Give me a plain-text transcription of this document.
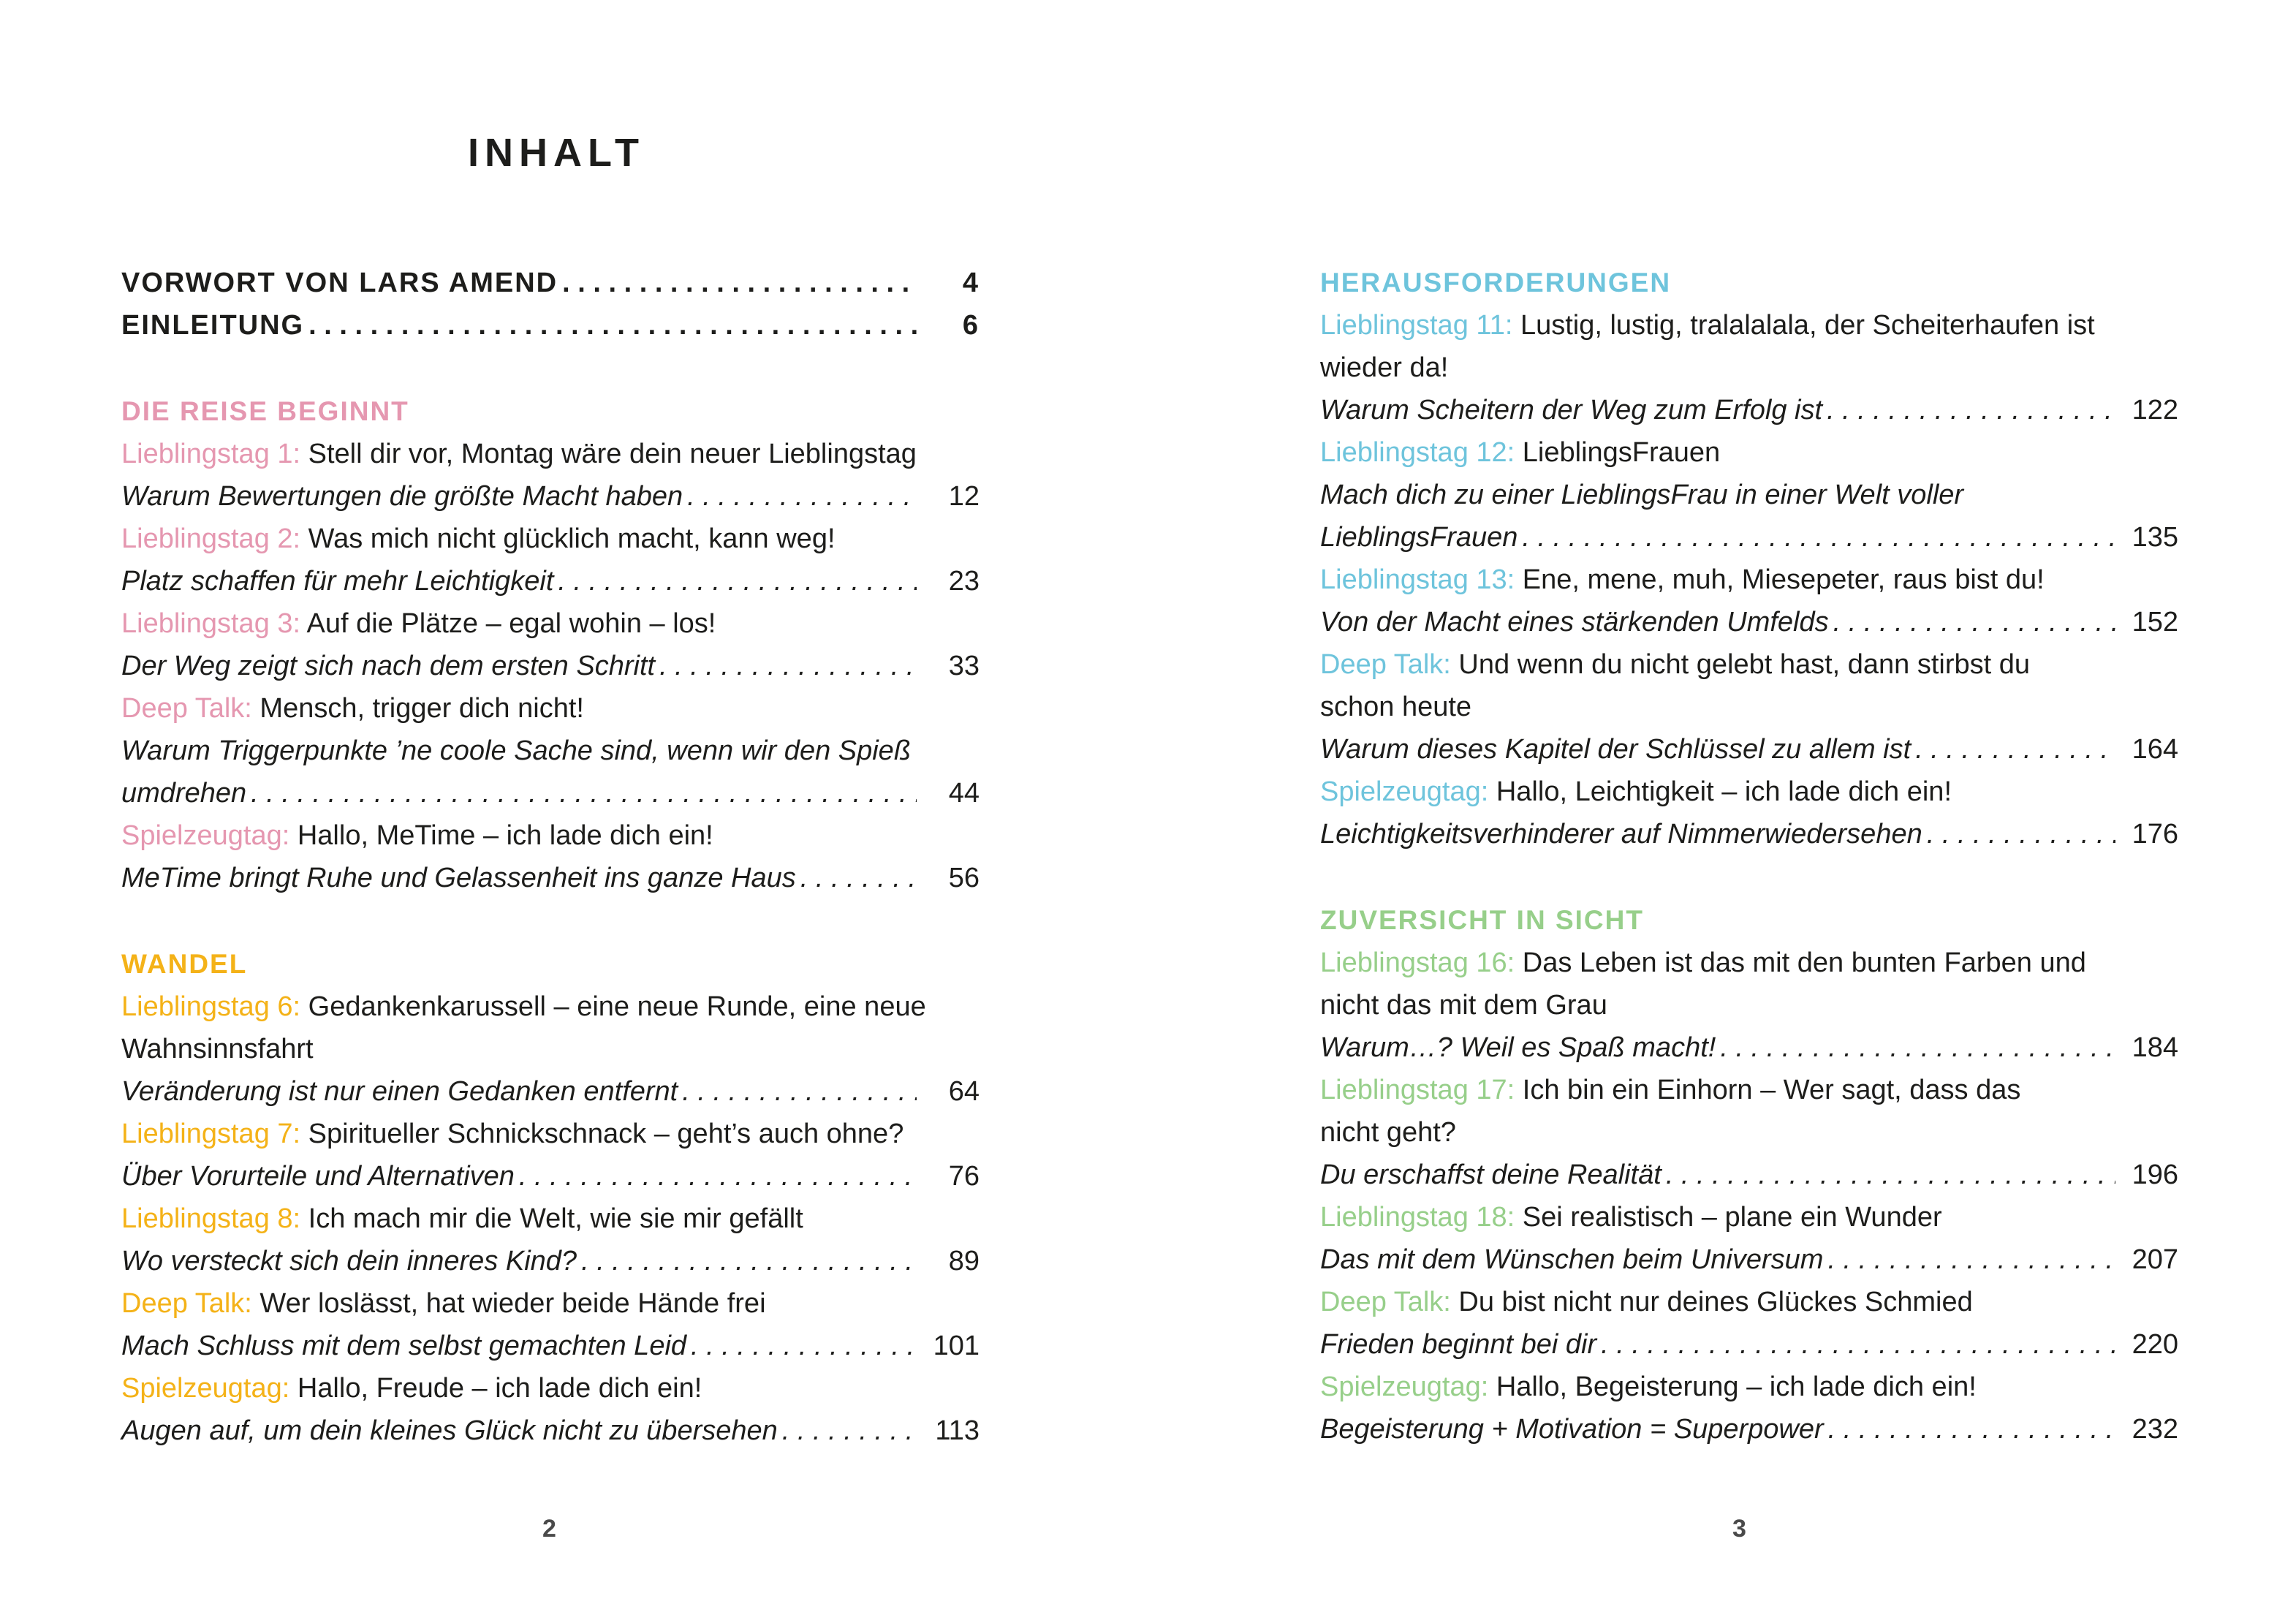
INHALT
VORWORT VON LARS AMEND . . .	4
EINLEITUNG . . .	6
DIE REISE BEGINNT
Lieblingstag 1: Stell dir vor, Montag wäre dein neuer Lieblingstag
Warum Bewertungen die größte Macht haben . . .	12
Lieblingstag 2: Was mich nicht glücklich macht, kann weg!
Platz schaffen für mehr Leichtigkeit . . .	23
Lieblingstag 3: Auf die Plätze – egal wohin – los!
Der Weg zeigt sich nach dem ersten Schritt . . .	33
Deep Talk: Mensch, trigger dich nicht!
Warum Triggerpunkte ’ne coole Sache sind, wenn wir den Spieß
umdrehen . . .	44
Spielzeugtag: Hallo, MeTime – ich lade dich ein!
MeTime bringt Ruhe und Gelassenheit ins ganze Haus . . .	56
WANDEL
Lieblingstag 6: Gedankenkarussell – eine neue Runde, eine neue
Wahnsinnsfahrt
Veränderung ist nur einen Gedanken entfernt . . .	64
Lieblingstag 7: Spiritueller Schnickschnack – geht’s auch ohne?
Über Vorurteile und Alternativen . . .	76
Lieblingstag 8: Ich mach mir die Welt, wie sie mir gefällt
Wo versteckt sich dein inneres Kind? . . .	89
Deep Talk: Wer loslässt, hat wieder beide Hände frei
Mach Schluss mit dem selbst gemachten Leid . . .	101
Spielzeugtag: Hallo, Freude – ich lade dich ein!
Augen auf, um dein kleines Glück nicht zu übersehen . . .	113
2
HERAUSFORDERUNGEN
Lieblingstag 11: Lustig, lustig, tralalalala, der Scheiterhaufen ist
wieder da!
Warum Scheitern der Weg zum Erfolg ist . . .	122
Lieblingstag 12: LieblingsFrauen
Mach dich zu einer LieblingsFrau in einer Welt voller
LieblingsFrauen . . .	135
Lieblingstag 13: Ene, mene, muh, Miesepeter, raus bist du!
Von der Macht eines stärkenden Umfelds . . .	152
Deep Talk: Und wenn du nicht gelebt hast, dann stirbst du
schon heute
Warum dieses Kapitel der Schlüssel zu allem ist . . .	164
Spielzeugtag: Hallo, Leichtigkeit – ich lade dich ein!
Leichtigkeitsverhinderer auf Nimmerwiedersehen . . .	176
ZUVERSICHT IN SICHT
Lieblingstag 16: Das Leben ist das mit den bunten Farben und
nicht das mit dem Grau
Warum…? Weil es Spaß macht! . . .	184
Lieblingstag 17: Ich bin ein Einhorn – Wer sagt, dass das
nicht geht?
Du erschaffst deine Realität . . .	196
Lieblingstag 18: Sei realistisch – plane ein Wunder
Das mit dem Wünschen beim Universum . . .	207
Deep Talk: Du bist nicht nur deines Glückes Schmied
Frieden beginnt bei dir . . .	220
Spielzeugtag: Hallo, Begeisterung – ich lade dich ein!
Begeisterung + Motivation = Superpower . . .	232
3
